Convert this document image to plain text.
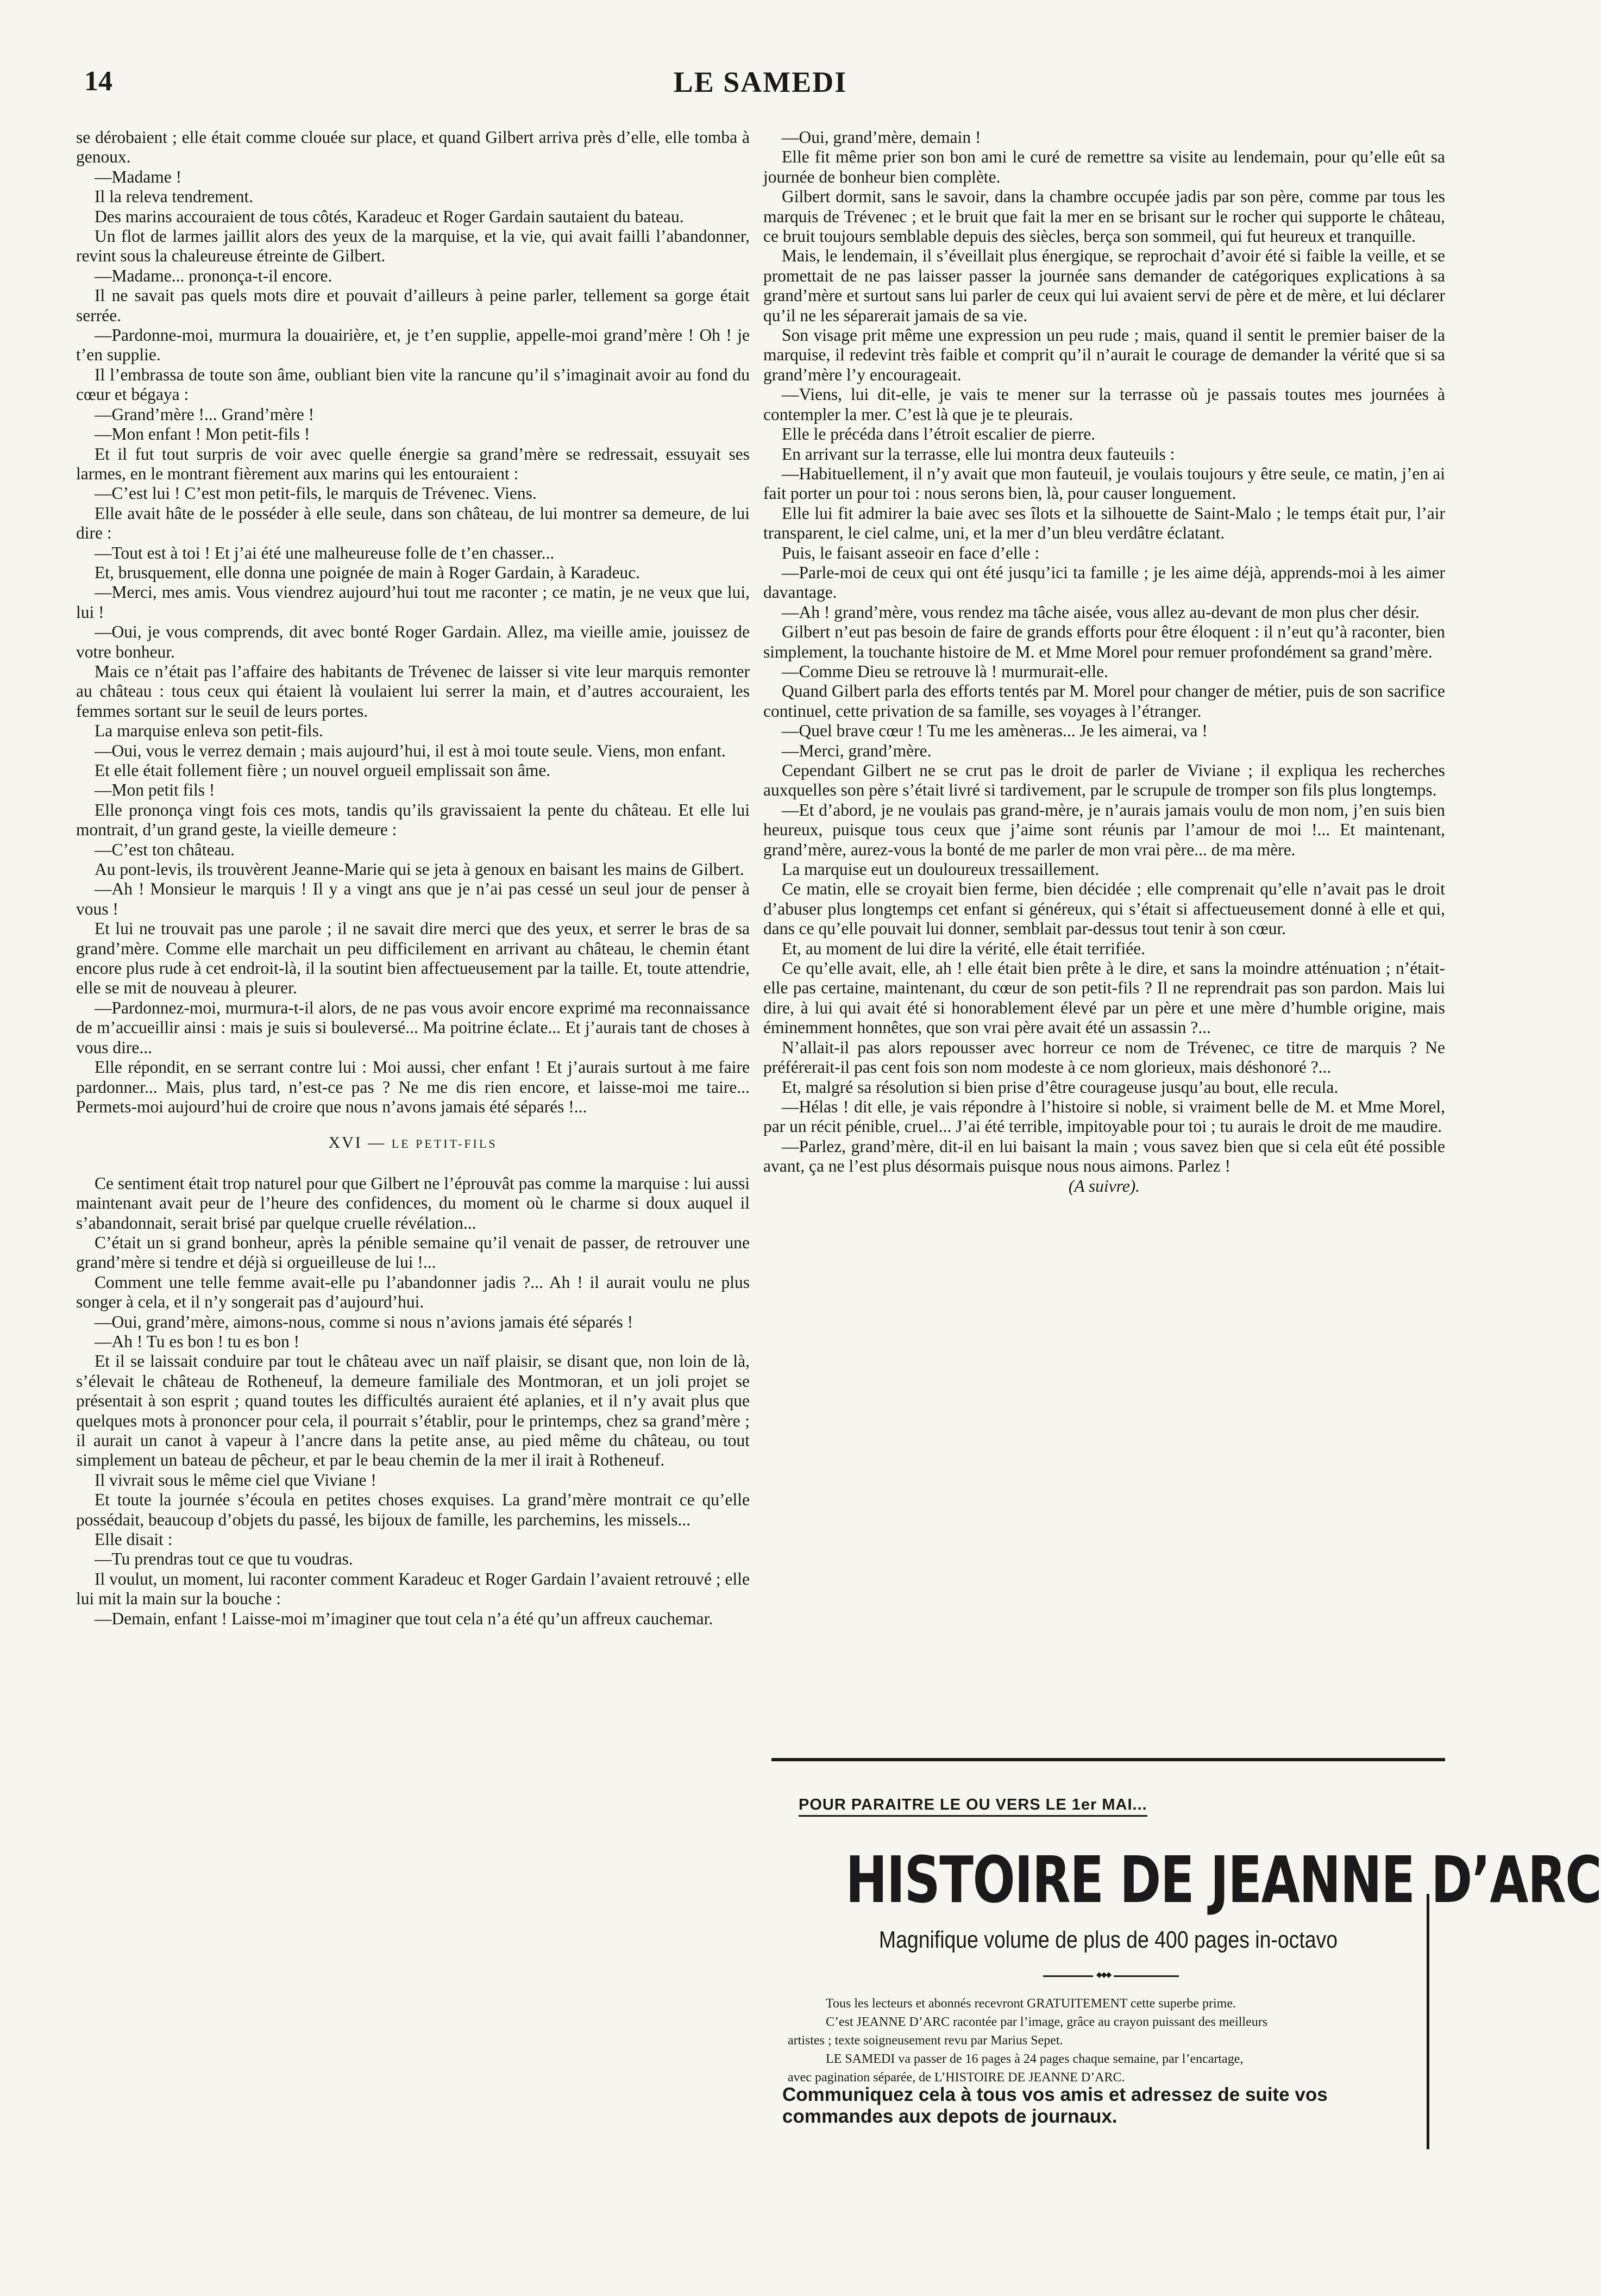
14	LE SAMEDI

se dérobaient ; elle était comme clouée sur place, et quand Gilbert arriva près d’elle, elle tomba à genoux.

—Madame !

Il la releva tendrement.

Des marins accouraient de tous côtés, Karadeuc et Roger Gardain sautaient du bateau.

Un flot de larmes jaillit alors des yeux de la marquise, et la vie, qui avait failli l’abandonner, revint sous la chaleureuse étreinte de Gilbert.

—Madame... prononça-t-il encore.

Il ne savait pas quels mots dire et pouvait d’ailleurs à peine parler, tellement sa gorge était serrée.

—Pardonne-moi, murmura la douairière, et, je t’en supplie, appelle-moi grand’mère ! Oh ! je t’en supplie.

Il l’embrassa de toute son âme, oubliant bien vite la rancune qu’il s’imaginait avoir au fond du cœur et bégaya :

—Grand’mère !... Grand’mère !

—Mon enfant ! Mon petit-fils !

Et il fut tout surpris de voir avec quelle énergie sa grand’mère se redressait, essuyait ses larmes, en le montrant fièrement aux marins qui les entouraient :

—C’est lui ! C’est mon petit-fils, le marquis de Trévenec. Viens.

Elle avait hâte de le posséder à elle seule, dans son château, de lui montrer sa demeure, de lui dire :

—Tout est à toi ! Et j’ai été une malheureuse folle de t’en chasser...

Et, brusquement, elle donna une poignée de main à Roger Gardain, à Karadeuc.

—Merci, mes amis. Vous viendrez aujourd’hui tout me raconter ; ce matin, je ne veux que lui, lui !

—Oui, je vous comprends, dit avec bonté Roger Gardain. Allez, ma vieille amie, jouissez de votre bonheur.

Mais ce n’était pas l’affaire des habitants de Trévenec de laisser si vite leur marquis remonter au château : tous ceux qui étaient là voulaient lui serrer la main, et d’autres accouraient, les femmes sortant sur le seuil de leurs portes.

La marquise enleva son petit-fils.

—Oui, vous le verrez demain ; mais aujourd’hui, il est à moi toute seule. Viens, mon enfant.

Et elle était follement fière ; un nouvel orgueil emplissait son âme.

—Mon petit fils !

Elle prononça vingt fois ces mots, tandis qu’ils gravissaient la pente du château. Et elle lui montrait, d’un grand geste, la vieille demeure :

—C’est ton château.

Au pont-levis, ils trouvèrent Jeanne-Marie qui se jeta à genoux en baisant les mains de Gilbert.

—Ah ! Monsieur le marquis ! Il y a vingt ans que je n’ai pas cessé un seul jour de penser à vous !

Et lui ne trouvait pas une parole ; il ne savait dire merci que des yeux, et serrer le bras de sa grand’mère. Comme elle marchait un peu difficilement en arrivant au château, le chemin étant encore plus rude à cet endroit-là, il la soutint bien affectueusement par la taille. Et, toute attendrie, elle se mit de nouveau à pleurer.

—Pardonnez-moi, murmura-t-il alors, de ne pas vous avoir encore exprimé ma reconnaissance de m’accueillir ainsi : mais je suis si bouleversé... Ma poitrine éclate... Et j’aurais tant de choses à vous dire...

Elle répondit, en se serrant contre lui : Moi aussi, cher enfant ! Et j’aurais surtout à me faire pardonner... Mais, plus tard, n’est-ce pas ? Ne me dis rien encore, et laisse-moi me taire... Permets-moi aujourd’hui de croire que nous n’avons jamais été séparés !...

XVI — LE PETIT-FILS

Ce sentiment était trop naturel pour que Gilbert ne l’éprouvât pas comme la marquise : lui aussi maintenant avait peur de l’heure des confidences, du moment où le charme si doux auquel il s’abandonnait, serait brisé par quelque cruelle révélation...

C’était un si grand bonheur, après la pénible semaine qu’il venait de passer, de retrouver une grand’mère si tendre et déjà si orgueilleuse de lui !...

Comment une telle femme avait-elle pu l’abandonner jadis ?... Ah ! il aurait voulu ne plus songer à cela, et il n’y songerait pas d’aujourd’hui.

—Oui, grand’mère, aimons-nous, comme si nous n’avions jamais été séparés !

—Ah ! Tu es bon ! tu es bon !

Et il se laissait conduire par tout le château avec un naïf plaisir, se disant que, non loin de là, s’élevait le château de Rotheneuf, la demeure familiale des Montmoran, et un joli projet se présentait à son esprit ; quand toutes les difficultés auraient été aplanies, et il n’y avait plus que quelques mots à prononcer pour cela, il pourrait s’établir, pour le printemps, chez sa grand’mère ; il aurait un canot à vapeur à l’ancre dans la petite anse, au pied même du château, ou tout simplement un bateau de pêcheur, et par le beau chemin de la mer il irait à Rotheneuf.

Il vivrait sous le même ciel que Viviane !

Et toute la journée s’écoula en petites choses exquises. La grand’mère montrait ce qu’elle possédait, beaucoup d’objets du passé, les bijoux de famille, les parchemins, les missels...

Elle disait :

—Tu prendras tout ce que tu voudras.

Il voulut, un moment, lui raconter comment Karadeuc et Roger Gardain l’avaient retrouvé ; elle lui mit la main sur la bouche :

—Demain, enfant ! Laisse-moi m’imaginer que tout cela n’a été qu’un affreux cauchemar.

—Oui, grand’mère, demain !

Elle fit même prier son bon ami le curé de remettre sa visite au lendemain, pour qu’elle eût sa journée de bonheur bien complète.

Gilbert dormit, sans le savoir, dans la chambre occupée jadis par son père, comme par tous les marquis de Trévenec ; et le bruit que fait la mer en se brisant sur le rocher qui supporte le château, ce bruit toujours semblable depuis des siècles, berça son sommeil, qui fut heureux et tranquille.

Mais, le lendemain, il s’éveillait plus énergique, se reprochait d’avoir été si faible la veille, et se promettait de ne pas laisser passer la journée sans demander de catégoriques explications à sa grand’mère et surtout sans lui parler de ceux qui lui avaient servi de père et de mère, et lui déclarer qu’il ne les séparerait jamais de sa vie.

Son visage prit même une expression un peu rude ; mais, quand il sentit le premier baiser de la marquise, il redevint très faible et comprit qu’il n’aurait le courage de demander la vérité que si sa grand’mère l’y encourageait.

—Viens, lui dit-elle, je vais te mener sur la terrasse où je passais toutes mes journées à contempler la mer. C’est là que je te pleurais.

Elle le précéda dans l’étroit escalier de pierre.

En arrivant sur la terrasse, elle lui montra deux fauteuils :

—Habituellement, il n’y avait que mon fauteuil, je voulais toujours y être seule, ce matin, j’en ai fait porter un pour toi : nous serons bien, là, pour causer longuement.

Elle lui fit admirer la baie avec ses îlots et la silhouette de Saint-Malo ; le temps était pur, l’air transparent, le ciel calme, uni, et la mer d’un bleu verdâtre éclatant.

Puis, le faisant asseoir en face d’elle :

—Parle-moi de ceux qui ont été jusqu’ici ta famille ; je les aime déjà, apprends-moi à les aimer davantage.

—Ah ! grand’mère, vous rendez ma tâche aisée, vous allez au-devant de mon plus cher désir.

Gilbert n’eut pas besoin de faire de grands efforts pour être éloquent : il n’eut qu’à raconter, bien simplement, la touchante histoire de M. et Mme Morel pour remuer profondément sa grand’mère.

—Comme Dieu se retrouve là ! murmurait-elle.

Quand Gilbert parla des efforts tentés par M. Morel pour changer de métier, puis de son sacrifice continuel, cette privation de sa famille, ses voyages à l’étranger.

—Quel brave cœur ! Tu me les amèneras... Je les aimerai, va !

—Merci, grand’mère.

Cependant Gilbert ne se crut pas le droit de parler de Viviane ; il expliqua les recherches auxquelles son père s’était livré si tardivement, par le scrupule de tromper son fils plus longtemps.

—Et d’abord, je ne voulais pas grand-mère, je n’aurais jamais voulu de mon nom, j’en suis bien heureux, puisque tous ceux que j’aime sont réunis par l’amour de moi !... Et maintenant, grand’mère, aurez-vous la bonté de me parler de mon vrai père... de ma mère.

La marquise eut un douloureux tressaillement.

Ce matin, elle se croyait bien ferme, bien décidée ; elle comprenait qu’elle n’avait pas le droit d’abuser plus longtemps cet enfant si généreux, qui s’était si affectueusement donné à elle et qui, dans ce qu’elle pouvait lui donner, semblait par-dessus tout tenir à son cœur.

Et, au moment de lui dire la vérité, elle était terrifiée.

Ce qu’elle avait, elle, ah ! elle était bien prête à le dire, et sans la moindre atténuation ; n’était-elle pas certaine, maintenant, du cœur de son petit-fils ? Il ne reprendrait pas son pardon. Mais lui dire, à lui qui avait été si honorablement élevé par un père et une mère d’humble origine, mais éminemment honnêtes, que son vrai père avait été un assassin ?...

N’allait-il pas alors repousser avec horreur ce nom de Trévenec, ce titre de marquis ? Ne préférerait-il pas cent fois son nom modeste à ce nom glorieux, mais déshonoré ?...

Et, malgré sa résolution si bien prise d’être courageuse jusqu’au bout, elle recula.

—Hélas ! dit elle, je vais répondre à l’histoire si noble, si vraiment belle de M. et Mme Morel, par un récit pénible, cruel... J’ai été terrible, impitoyable pour toi ; tu aurais le droit de me maudire.

—Parlez, grand’mère, dit-il en lui baisant la main ; vous savez bien que si cela eût été possible avant, ça ne l’est plus désormais puisque nous nous aimons. Parlez !

(A suivre).

POUR PARAITRE LE OU VERS LE 1er MAI...
HISTOIRE DE JEANNE D’ARC
Magnifique volume de plus de 400 pages in-octavo
◆◆◆
Tous les lecteurs et abonnés recevront GRATUITEMENT cette superbe prime.
C’est JEANNE D’ARC racontée par l’image, grâce au crayon puissant des meilleurs
artistes ; texte soigneusement revu par Marius Sepet.
LE SAMEDI va passer de 16 pages à 24 pages chaque semaine, par l’encartage,
avec pagination séparée, de L’HISTOIRE DE JEANNE D’ARC.
Communiquez cela à tous vos amis et adressez de suite vos commandes aux depots de journaux.
